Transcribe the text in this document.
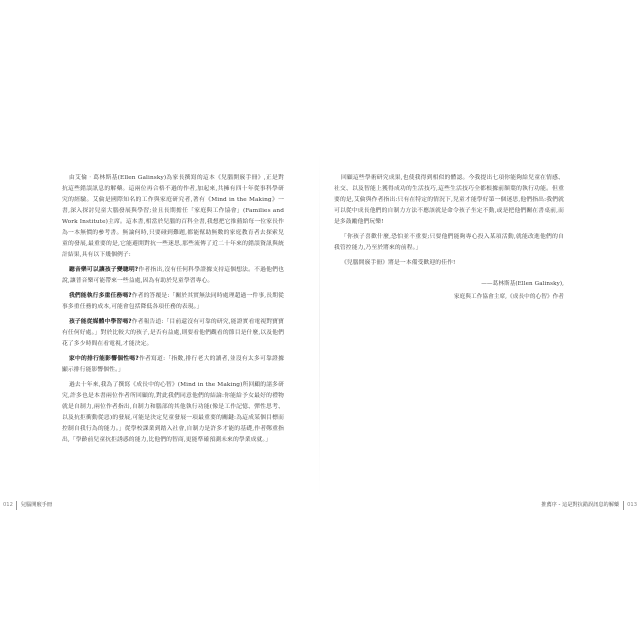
由艾倫‧葛林斯基(Ellen Galinsky)為家長撰寫的這本《兒腦開竅手冊》,正是對抗這些錯誤訊息的解藥。這兩位再合格不過的作者,加起來,共擁有四十年從事科學研究的經驗。艾倫是國際知名的工作與家庭研究者,著有《Mind in the Making》一書,深入探討兒童大腦發展與學習;並且長期擔任「家庭與工作協會」(Families and Work Institute)主席。這本書,相當於兒腦的百科全書,我想把它推薦給每一位家長作為一本無價的參考書。無論何時,只要碰到難題,都能幫助無數的家庭教育者去探索兒童的發展,最重要的是,它能避開對抗一些迷思,那些流傳了近二十年來的錯誤資訊與統計結果,具有以下幾個例子:

聽音樂可以讓孩子變聰明?作者指出,沒有任何科學證據支持這個想法。不過他們也說,讓普音樂可能帶來一些益處,因為有助於兒童學習專心。
我們能執行多重任務嗎?作者的答覆是:「關於其實無法同時處理超過一件事,長期從事多重任務的成本,可能會包括降低各項任務的表現。」
孩子能從媒體中學習嗎?作者報告道:「目前還沒有可靠的研究,能證實看電視對寶寶有任何好處。」對於比較大的孩子,是否有益處,則要看他們觀看的節目是什麼,以及他們花了多少時間在看電視,才能決定。
家中的排行能影響個性嗎?作者寫道:「指數,排行老大的讀者,並沒有太多可靠證據顯示排行能影響個性。」

過去十年來,我為了撰寫《成長中的心智》(Mind in the Making)所回顧的諸多研究,許多也是本書兩位作者所回顧的,對此我們同意他們的結論:你能給予女最好的禮物就是自制力,兩位作者指出,自制力和腦部的其他執行功能(像是工作記憶、彈性思考、以及抗拒衝動從惡)的發展,可能是決定兒童發展一項最重要的關鍵:為這成某個目標而控制自我行為的能力。」從學校課業到踏入社會,自制力是許多才能的基礎,作者鄭重指出,「學齡前兒童抗拒誘惑的能力,比他們的智商,更能準確預測未來的學業成就。」

012	兒腦開竅手冊

回顧這些學術研究成果,也使我得到相似的體認。今我提出七項你能夠給兒童在情感、社交、以及智能上獲得成功的生活技巧,這些生活技巧全都根據前額葉的執行功能。但重要的是,艾倫與作者指出:只有在特定的情況下,兒童才能學好第一個迷思,他們指出:我們就可以從中成長他們的自制力方法不應該就是命令孩子坐定不動,或是把他們關在書桌前,而是多鼓勵他們玩樂!

「你孩子喜歡什麼,恐怕並不重要;只要他們能夠專心投入某項活動,就能改進他們的自我管控能力,乃至於將來的前程。」

《兒腦開竅手冊》將是一本備受歡迎的佳作!

——葛林斯基(Ellen Galinsky),
家庭與工作協會主席,《成長中的心智》作者
推薦序 - 這是對抗錯誤訊息的解藥	013
